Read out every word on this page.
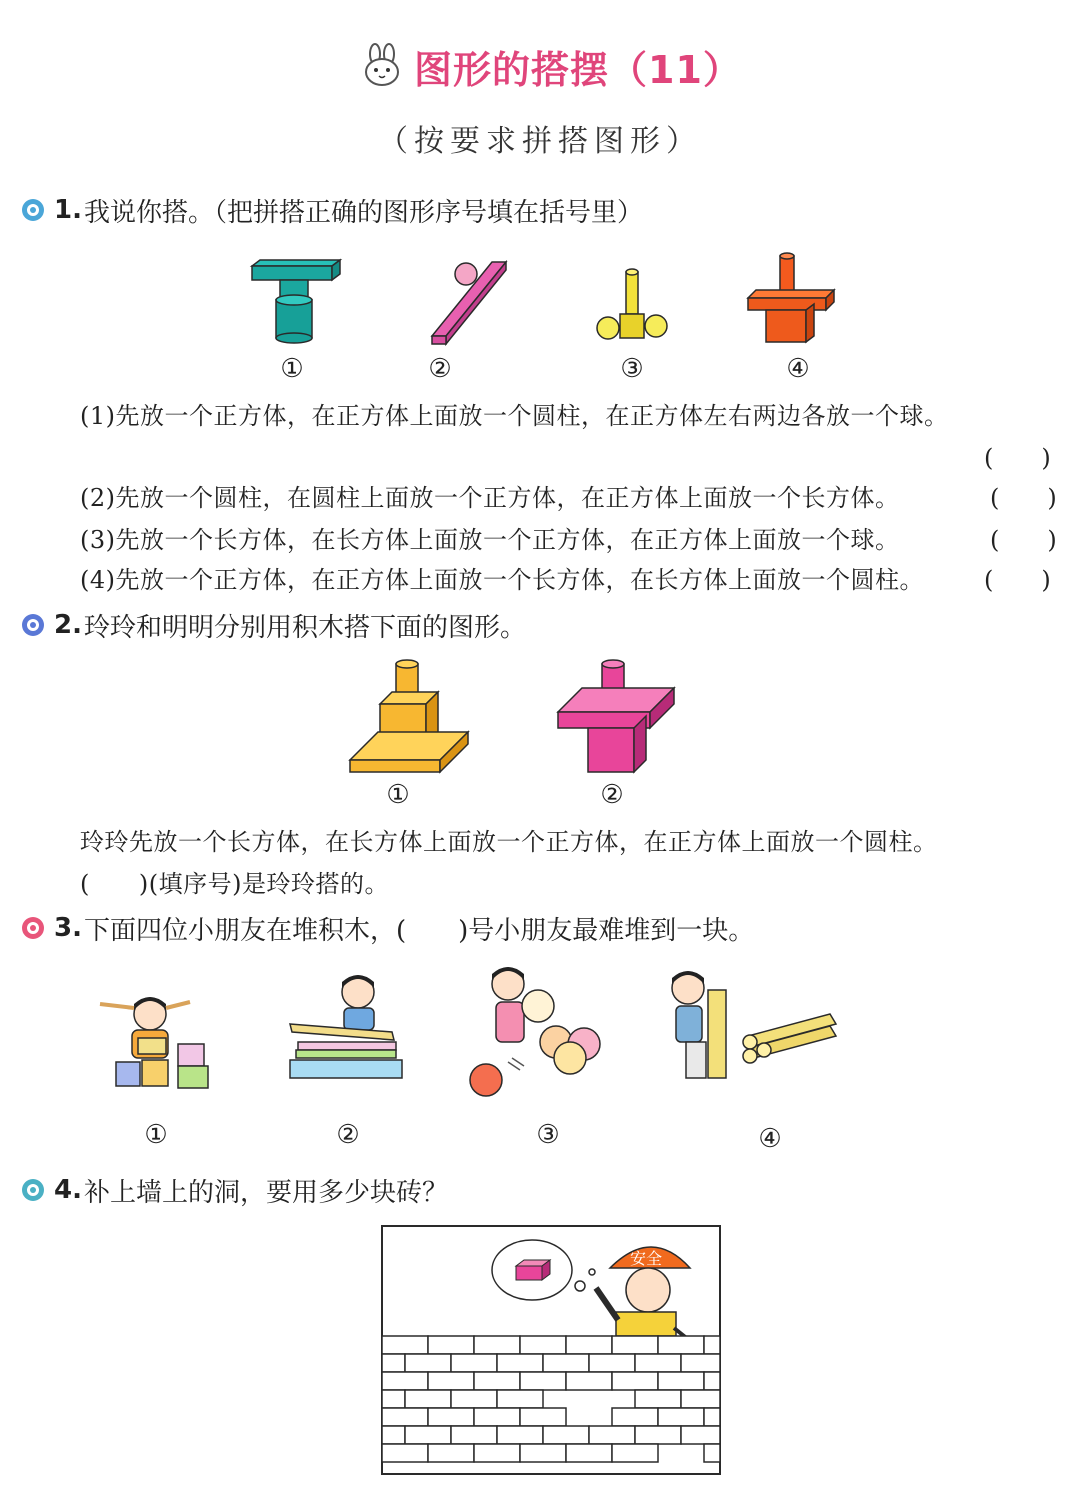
图形的搭摆（11）
（按要求拼搭图形）
1. 我说你搭。（把拼搭正确的图形序号填在括号里）
①	②	③	④
(1)先放一个正方体，在正方体上面放一个圆柱，在正方体左右两边各放一个球。
(　　)
(2)先放一个圆柱，在圆柱上面放一个正方体，在正方体上面放一个长方体。	(　　)
(3)先放一个长方体，在长方体上面放一个正方体，在正方体上面放一个球。	(　　)
(4)先放一个正方体，在正方体上面放一个长方体，在长方体上面放一个圆柱。	(　　)
2. 玲玲和明明分别用积木搭下面的图形。
①	②
玲玲先放一个长方体，在长方体上面放一个正方体，在正方体上面放一个圆柱。
(　　)(填序号)是玲玲搭的。
3. 下面四位小朋友在堆积木，(　　)号小朋友最难堆到一块。
①	②	③	④
4. 补上墙上的洞，要用多少块砖？
安全
